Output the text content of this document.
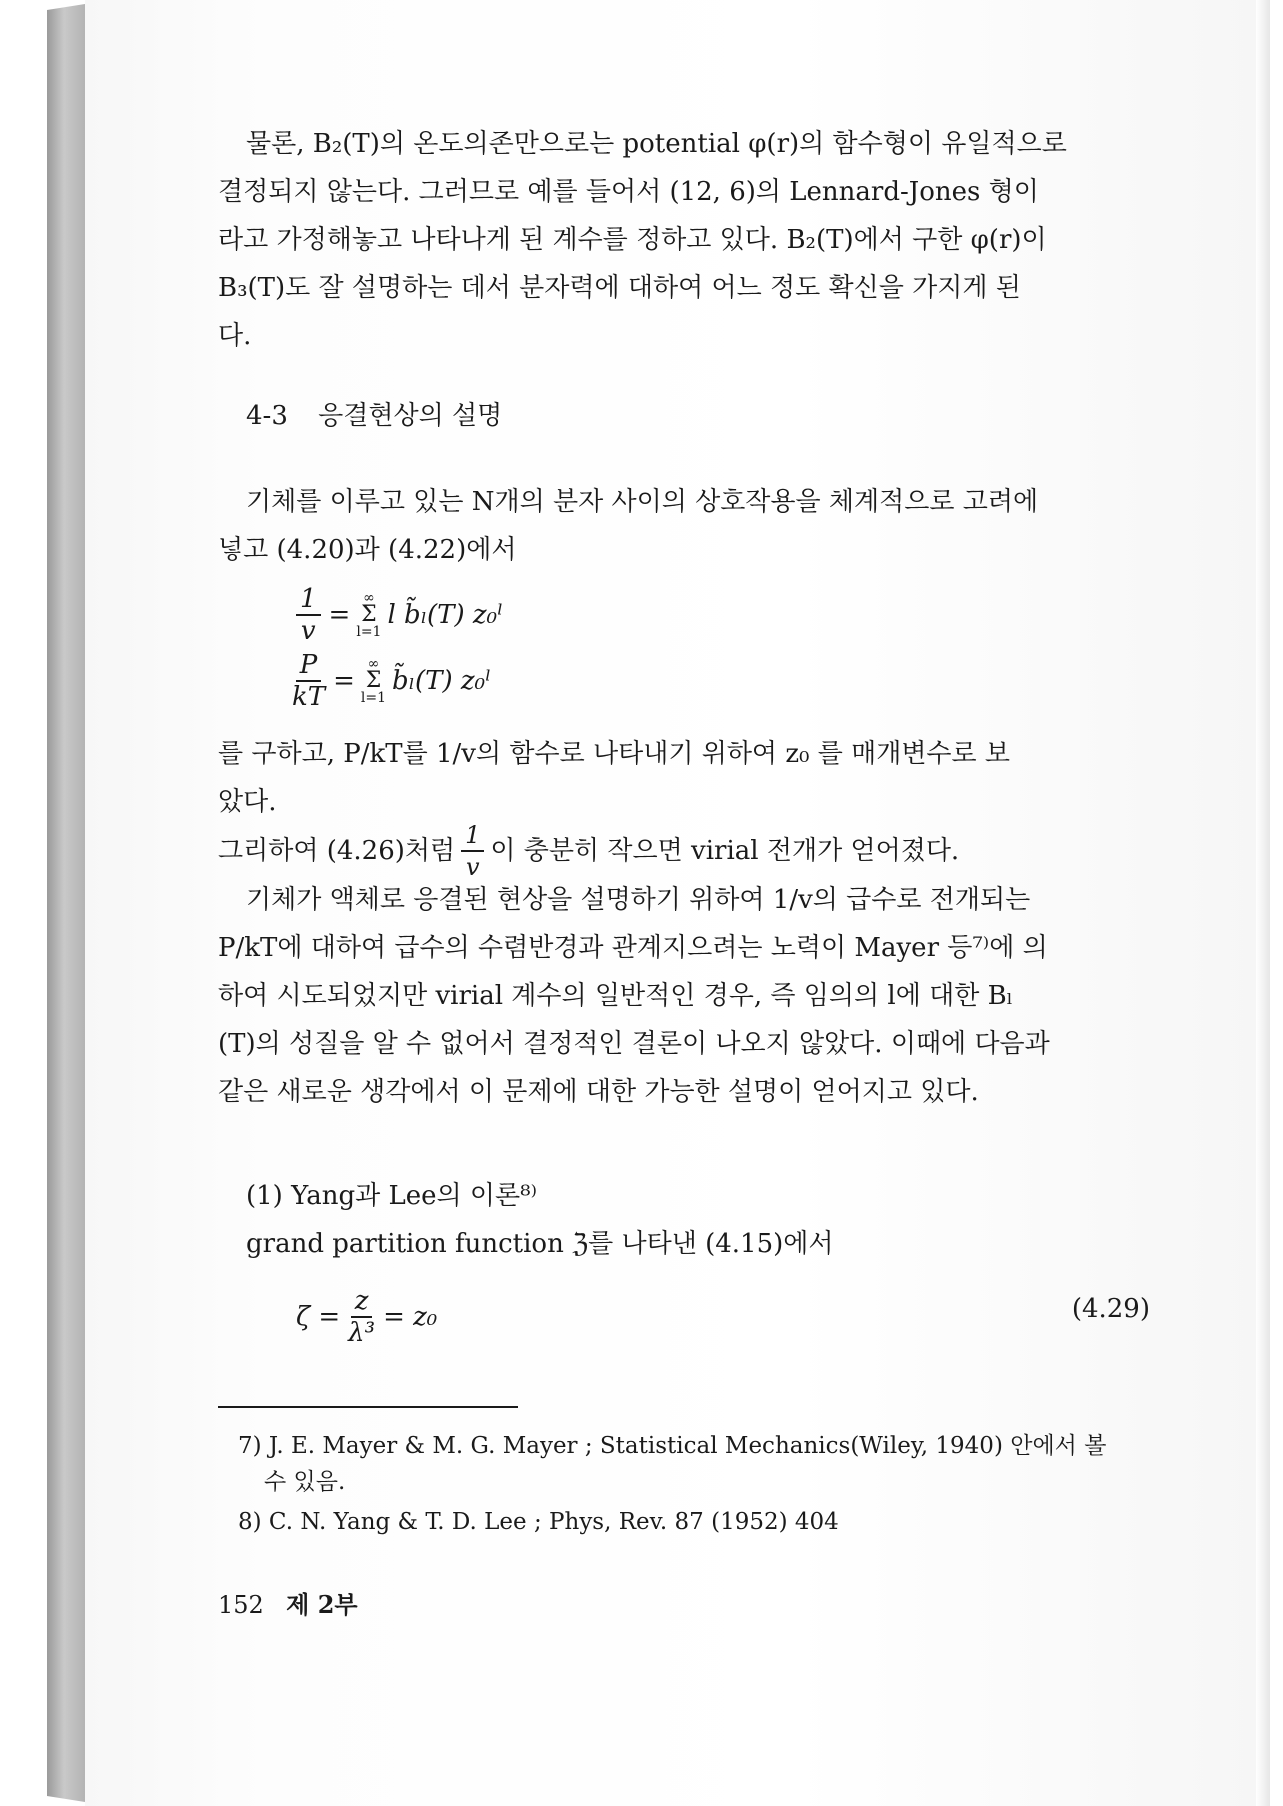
물론, B₂(T)의 온도의존만으로는 potential φ(r)의 함수형이 유일적으로
결정되지 않는다. 그러므로 예를 들어서 (12, 6)의 Lennard-Jones 형이
라고 가정해놓고 나타나게 된 계수를 정하고 있다. B₂(T)에서 구한 φ(r)이
B₃(T)도 잘 설명하는 데서 분자력에 대하여 어느 정도 확신을 가지게 된
다.
4-3 응결현상의 설명
기체를 이루고 있는 N개의 분자 사이의 상호작용을 체계적으로 고려에
넣고 (4.20)과 (4.22)에서
$\frac{1}{v}$ =
∞
Σ
l=1
l b̃ₗ(T) z₀ˡ
$\frac{P}{kT}$ =
∞
Σ
l=1
b̃ₗ(T) z₀ˡ
를 구하고, P/kT를 1/v의 함수로 나타내기 위하여 z₀ 를 매개변수로 보
았다.
그리하여 (4.26)처럼 $\frac{1}{v}$ 이 충분히 작으면 virial 전개가 얻어졌다.
기체가 액체로 응결된 현상을 설명하기 위하여 1/v의 급수로 전개되는
P/kT에 대하여 급수의 수렴반경과 관계지으려는 노력이 Mayer 등⁷⁾에 의
하여 시도되었지만 virial 계수의 일반적인 경우, 즉 임의의 l에 대한 Bₗ
(T)의 성질을 알 수 없어서 결정적인 결론이 나오지 않았다. 이때에 다음과
같은 새로운 생각에서 이 문제에 대한 가능한 설명이 얻어지고 있다.
(1) Yang과 Lee의 이론⁸⁾
grand partition function ℨ를 나타낸 (4.15)에서
$\zeta = \frac{z}{\text{λ³}} = z_0$	(4.29)
7) J. E. Mayer & M. G. Mayer ; Statistical Mechanics(Wiley, 1940) 안에서 볼
수 있음.
8) C. N. Yang & T. D. Lee ; Phys, Rev. 87 (1952) 404
152 제 2부
